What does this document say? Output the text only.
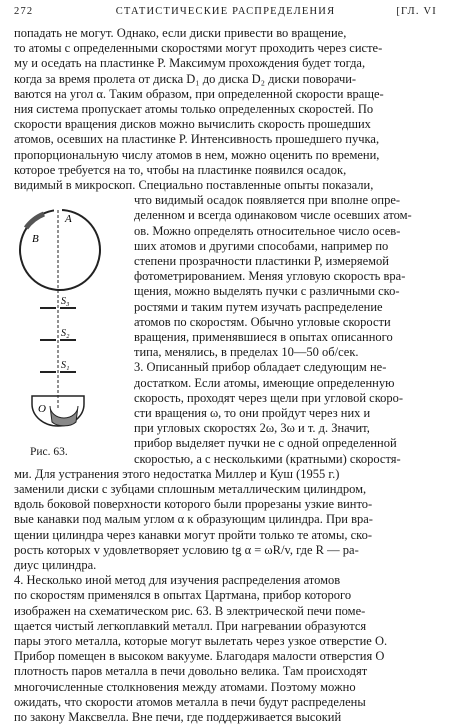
272	СТАТИСТИЧЕСКИЕ РАСПРЕДЕЛЕНИЯ	[ГЛ. VI
попадать не могут. Однако, если диски привести во вращение,
то атомы с определенными скоростями могут проходить через систе-
му и оседать на пластинке P. Максимум прохождения будет тогда,
когда за время пролета от диска D₁ до диска D₂ диски поворачи-
ваются на угол α. Таким образом, при определенной скорости враще-
ния система пропускает атомы только определенных скоростей. По
скорости вращения дисков можно вычислить скорость прошедших
атомов, осевших на пластинке P. Интенсивность прошедшего пучка,
пропорциональную числу атомов в нем, можно оценить по времени,
которое требуется на то, чтобы на пластинке появился осадок,
видимый в микроскоп. Специально поставленные опыты показали,
что видимый осадок появляется при вполне опре-
деленном и всегда одинаковом числе осевших атом-
ов. Можно определять относительное число осев-
ших атомов и другими способами, например по
степени прозрачности пластинки P, измеряемой
фотометрированием. Меняя угловую скорость вра-
щения, можно выделять пучки с различными ско-
ростями и таким путем изучать распределение
атомов по скоростям. Обычно угловые скорости
вращения, применявшиеся в опытах описанного
типа, менялись, в пределах 10—50 об/сек.
3. Описанный прибор обладает следующим не-
достатком. Если атомы, имеющие определенную
скорость, проходят через щели при угловой скоро-
сти вращения ω, то они пройдут через них и
при угловых скоростях 2ω, 3ω и т. д. Значит,
прибор выделяет пучки не с одной определенной
скоростью, а с несколькими (кратными) скоростя-
ми. Для устранения этого недостатка Миллер и Куш (1955 г.)
заменили диски с зубцами сплошным металлическим цилиндром,
вдоль боковой поверхности которого были прорезаны узкие винто-
вые канавки под малым углом α к образующим цилиндра. При вра-
щении цилиндра через канавки могут пройти только те атомы, ско-
рость которых v удовлетворяет условию tg α = ωR/v, где R — ра-
диус цилиндра.
4. Несколько иной метод для изучения распределения атомов
по скоростям применялся в опытах Цартмана, прибор которого
изображен на схематическом рис. 63. В электрической печи поме-
щается чистый легкоплавкий металл. При нагревании образуются
пары этого металла, которые могут вылетать через узкое отверстие O.
Прибор помещен в высоком вакууме. Благодаря малости отверстия O
плотность паров металла в печи довольно велика. Там происходят
многочисленные столкновения между атомами. Поэтому можно
ожидать, что скорости атомов металла в печи будут распределены
по закону Максвелла. Вне печи, где поддерживается высокий
A
B
S₃
S₂
S₁
O
Рис. 63.
